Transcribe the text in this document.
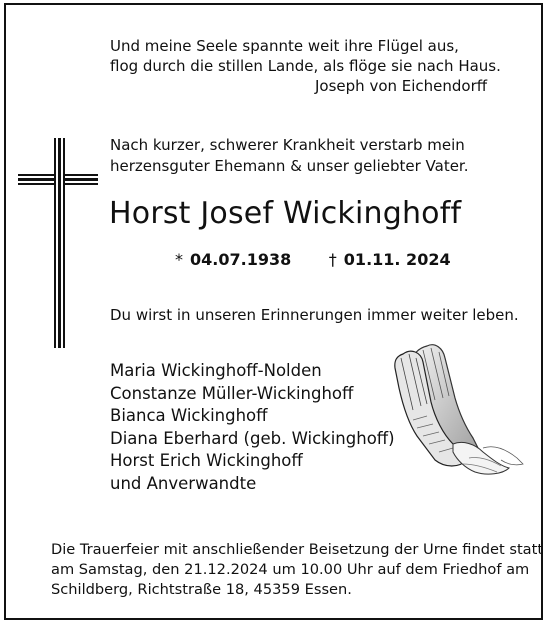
Und meine Seele spannte weit ihre Flügel aus,
flog durch die stillen Lande, als flöge sie nach Haus.
Joseph von Eichendorff
Nach kurzer, schwerer Krankheit verstarb mein
herzensguter Ehemann & unser geliebter Vater.
Horst Josef Wickinghoff
* 04.07.1938 † 01.11. 2024
Du wirst in unseren Erinnerungen immer weiter leben.
Maria Wickinghoff-Nolden
Constanze Müller-Wickinghoff
Bianca Wickinghoff
Diana Eberhard (geb. Wickinghoff)
Horst Erich Wickinghoff
und Anverwandte
Die Trauerfeier mit anschließender Beisetzung der Urne findet statt
am Samstag, den 21.12.2024 um 10.00 Uhr auf dem Friedhof am
Schildberg, Richtstraße 18, 45359 Essen.
